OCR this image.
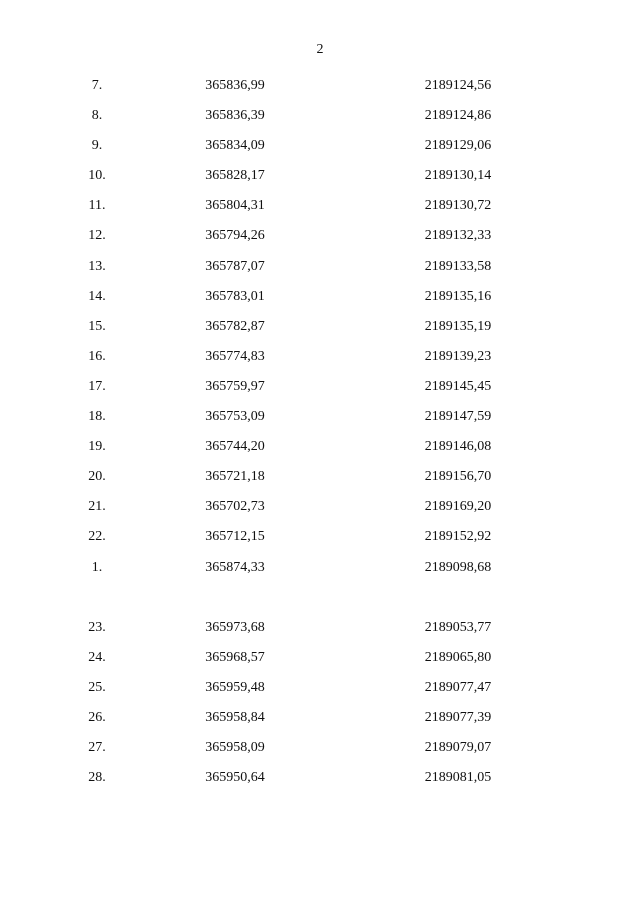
2
7.	365836,99	2189124,56
8.	365836,39	2189124,86
9.	365834,09	2189129,06
10.	365828,17	2189130,14
11.	365804,31	2189130,72
12.	365794,26	2189132,33
13.	365787,07	2189133,58
14.	365783,01	2189135,16
15.	365782,87	2189135,19
16.	365774,83	2189139,23
17.	365759,97	2189145,45
18.	365753,09	2189147,59
19.	365744,20	2189146,08
20.	365721,18	2189156,70
21.	365702,73	2189169,20
22.	365712,15	2189152,92
1.	365874,33	2189098,68
23.	365973,68	2189053,77
24.	365968,57	2189065,80
25.	365959,48	2189077,47
26.	365958,84	2189077,39
27.	365958,09	2189079,07
28.	365950,64	2189081,05
